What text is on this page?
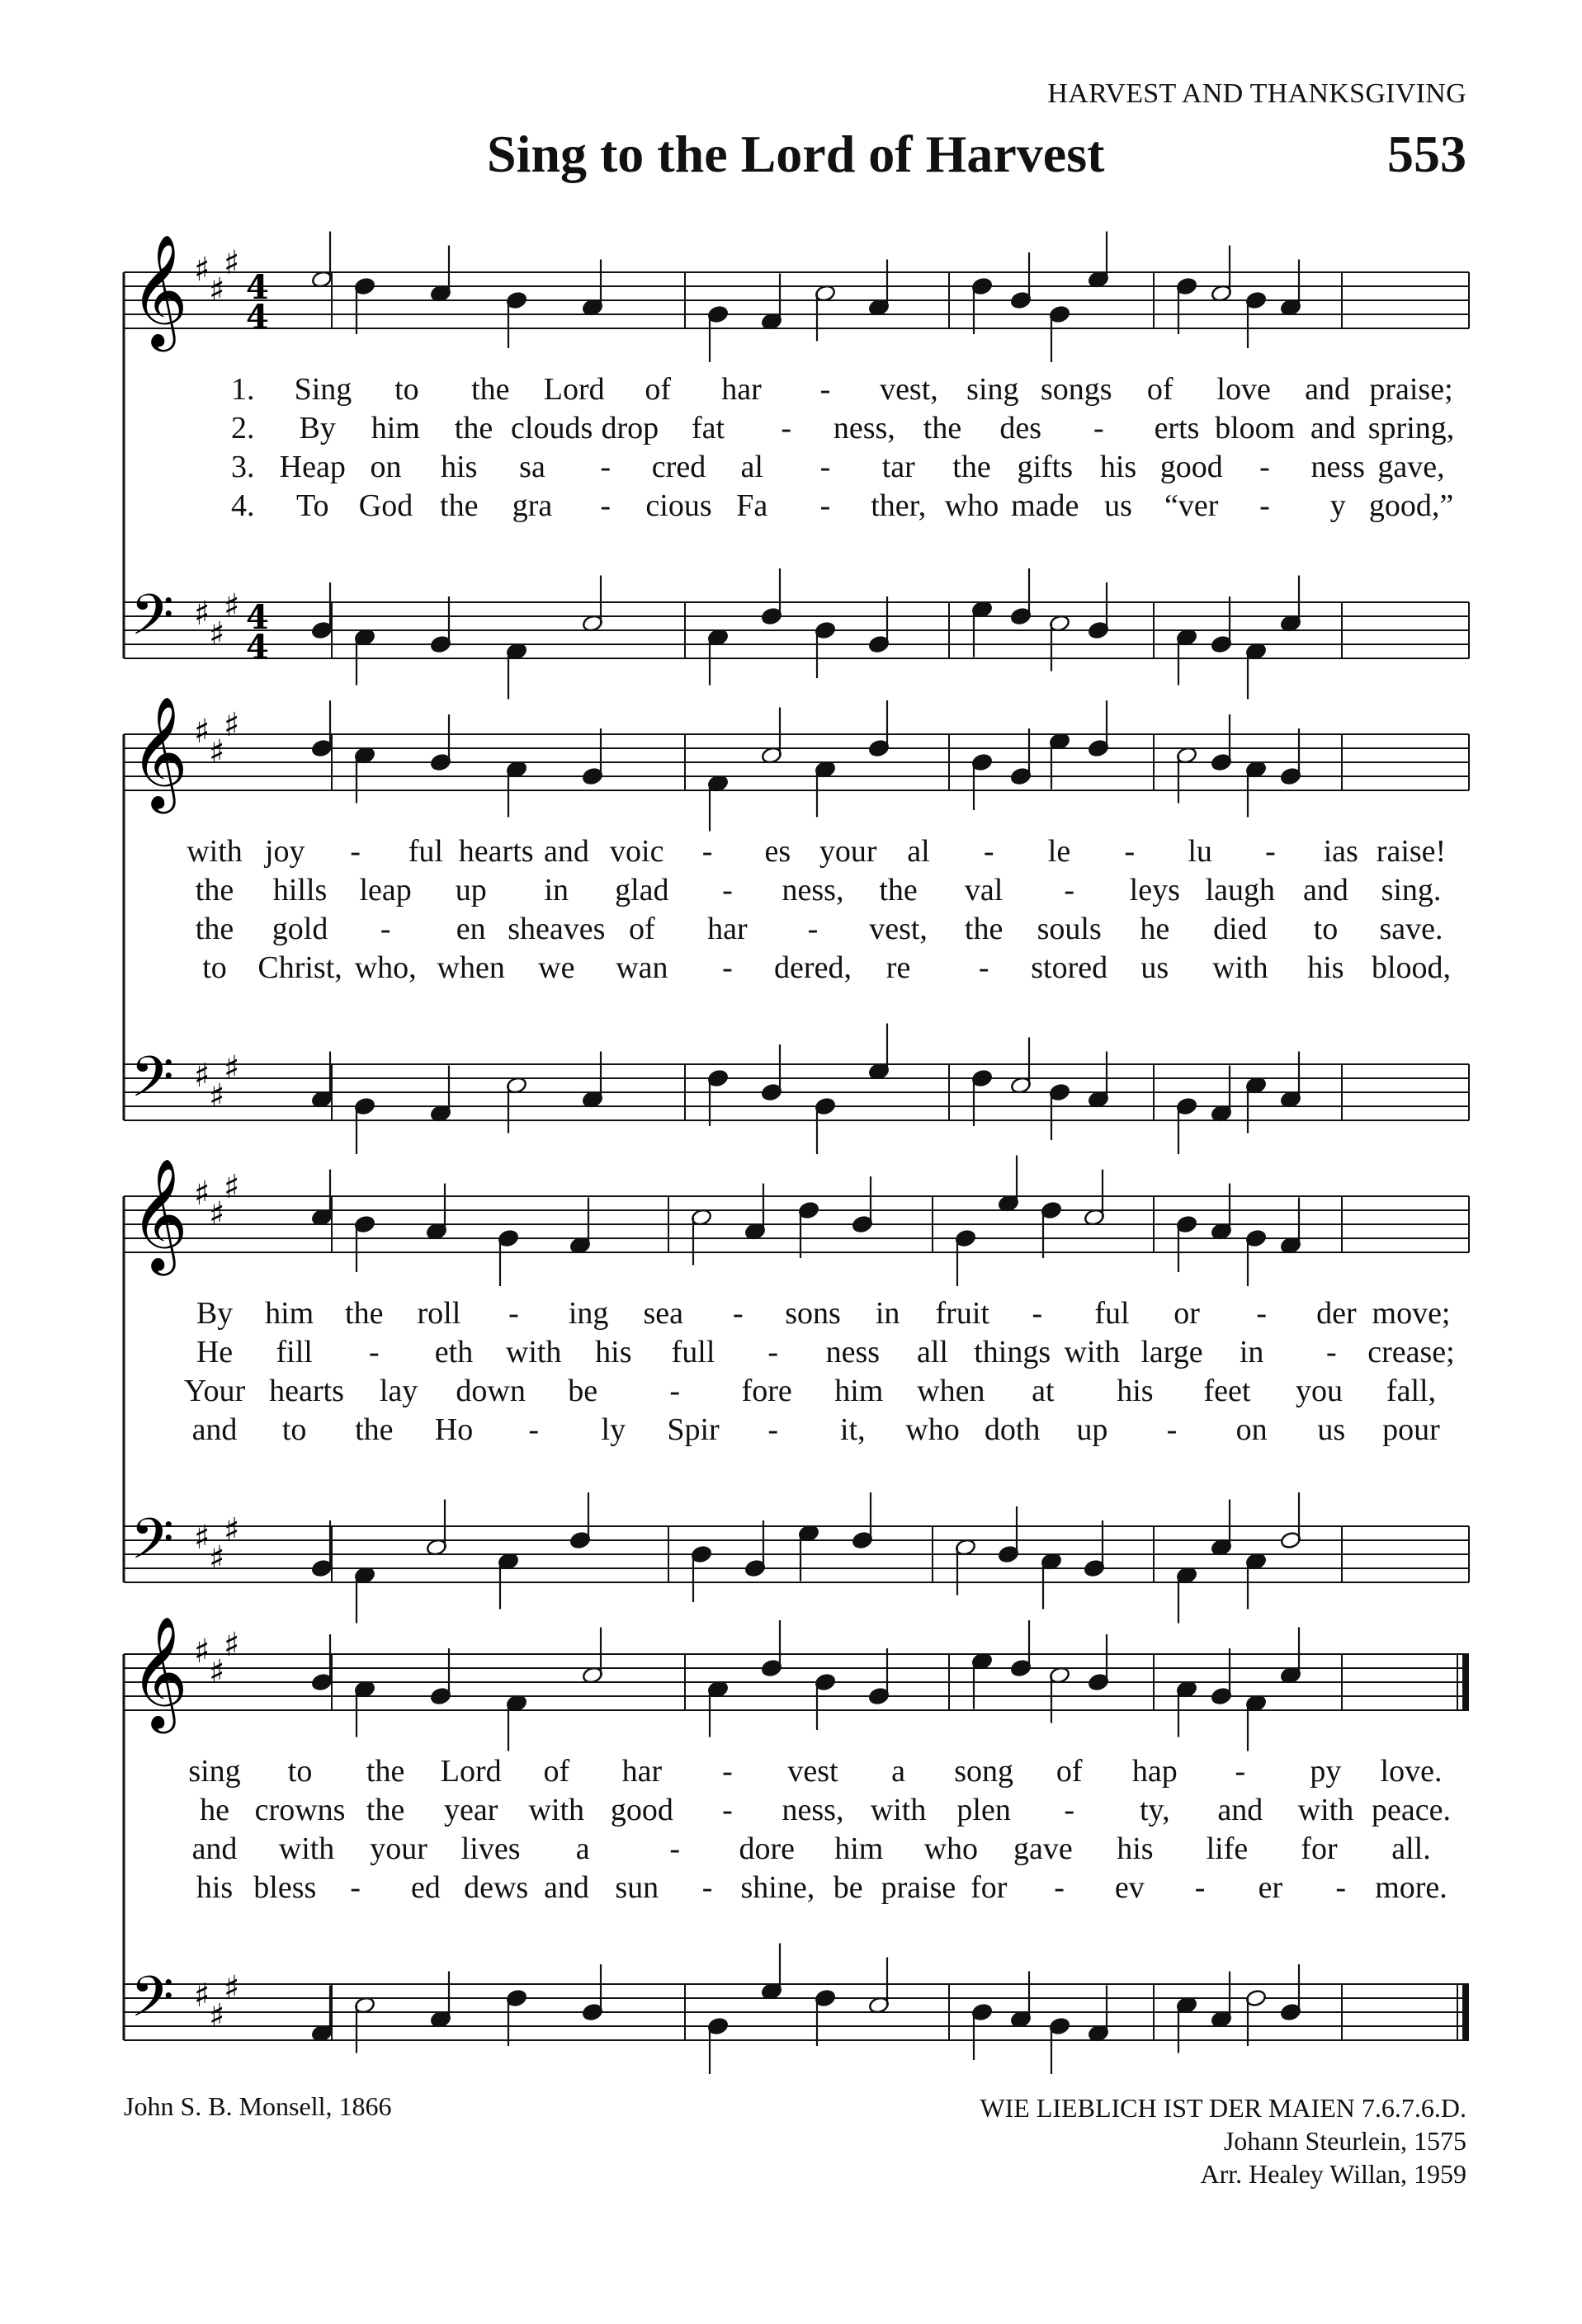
HARVEST AND THANKSGIVING
Sing to the Lord of Harvest	553
𝄞
𝄢
♯
♯
♯
♯
♯
♯
4
4
4
4
1. Sing to the Lord of har - vest, sing songs of love and praise;
2. By him the clouds drop fat - ness, the des - erts bloom and spring,
3. Heap on his sa - cred al - tar the gifts his good - ness gave,
4. To God the gra - cious Fa - ther, who made us “ver - y good,”
𝄞
𝄢
♯
♯
♯
♯
♯
♯
with joy - ful hearts and voic - es your al - le - lu - ias raise!
the hills leap up in glad - ness, the val - leys laugh and sing.
the gold - en sheaves of har - vest, the souls he died to save.
to Christ, who, when we wan - dered, re - stored us with his blood,
𝄞
𝄢
♯
♯
♯
♯
♯
♯
By him the roll - ing sea - sons in fruit - ful or - der move;
He fill - eth with his full - ness all things with large in - crease;
Your hearts lay down be - fore him when at his feet you fall,
and to the Ho - ly Spir - it, who doth up - on us pour
𝄞
𝄢
♯
♯
♯
♯
♯
♯
sing to the Lord of har - vest a song of hap - py love.
he crowns the year with good - ness, with plen - ty, and with peace.
and with your lives a	- dore him who gave his life for all.
his bless - ed dews and sun - shine, be praise for - ev - er - more.
John S. B. Monsell, 1866	WIE LIEBLICH IST DER MAIEN 7.6.7.6.D.
Johann Steurlein, 1575
Arr. Healey Willan, 1959
